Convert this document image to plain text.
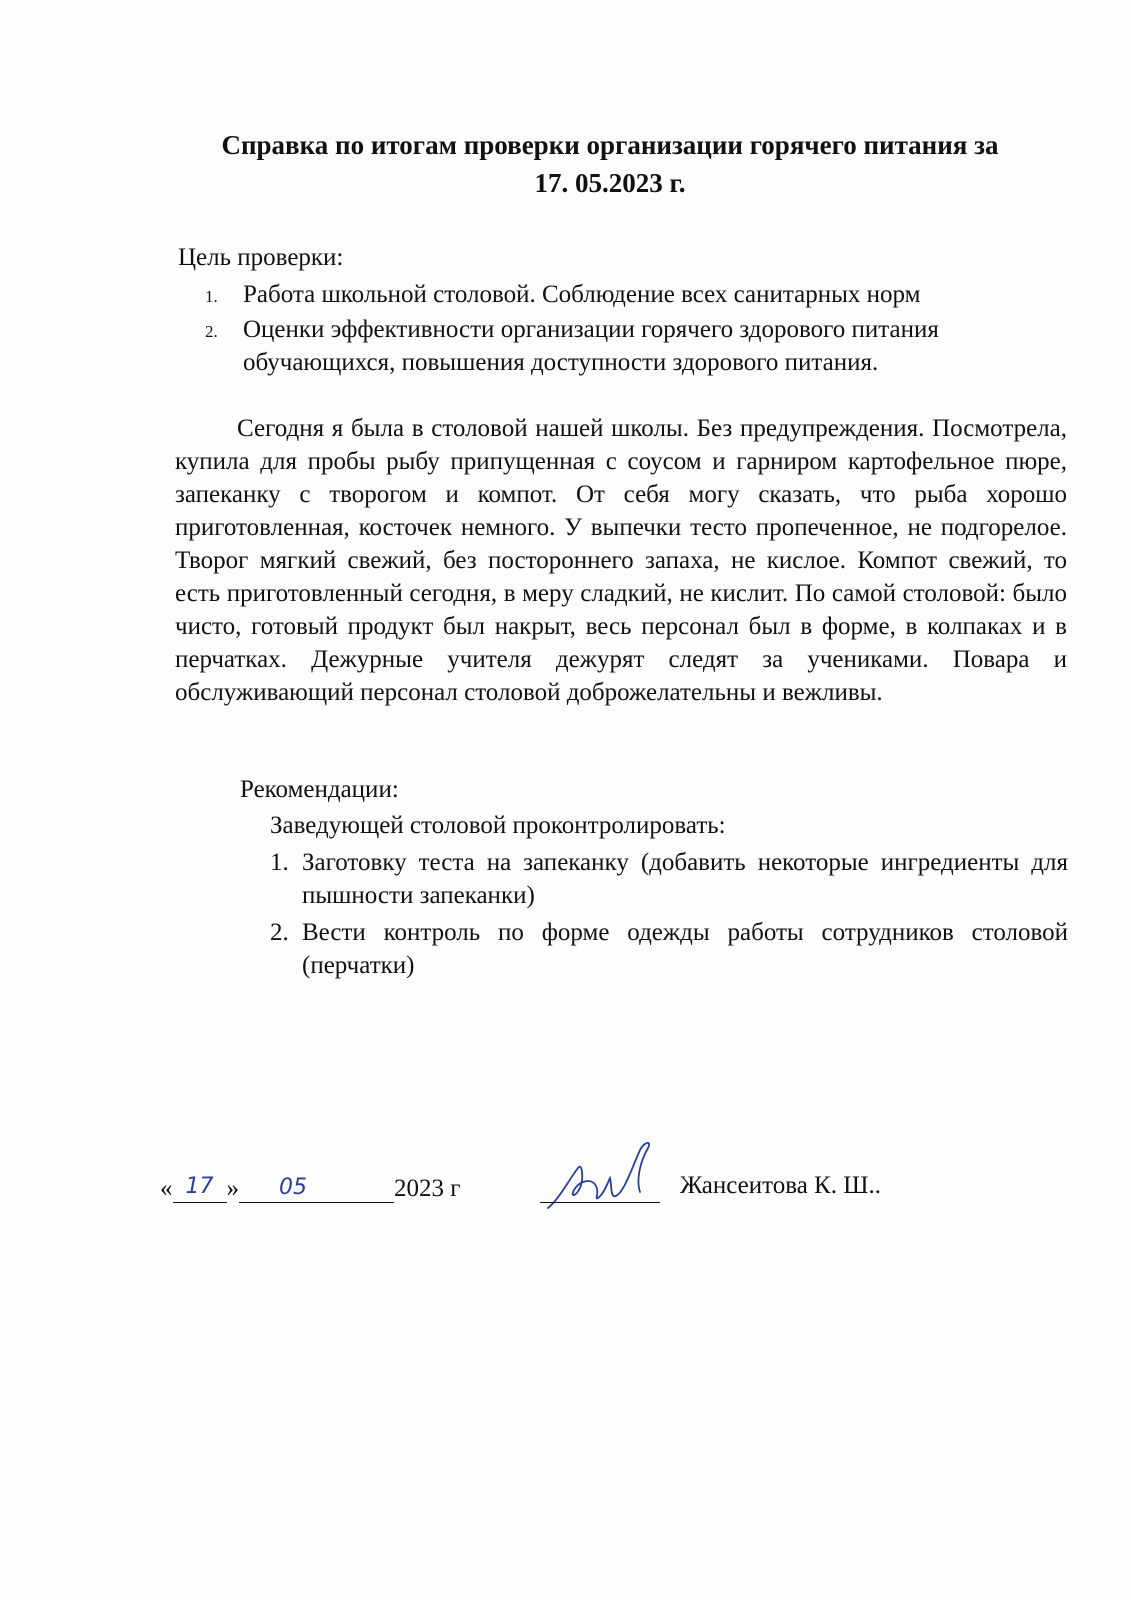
Справка по итогам проверки организации горячего питания за
17. 05.2023 г.
Цель проверки:
1. Работа школьной столовой. Соблюдение всех санитарных норм
2. Оценки эффективности организации горячего здорового питания обучающихся, повышения доступности здорового питания.
Сегодня я была в столовой нашей школы. Без предупреждения. Посмотрела, купила для пробы рыбу припущенная с соусом и гарниром картофельное пюре, запеканку с творогом и компот. От себя могу сказать, что рыба хорошо приготовленная, косточек немного. У выпечки тесто пропеченное, не подгорелое. Творог мягкий свежий, без постороннего запаха, не кислое. Компот свежий, то есть приготовленный сегодня, в меру сладкий, не кислит. По самой столовой: было чисто, готовый продукт был накрыт, весь персонал был в форме, в колпаках и в перчатках. Дежурные учителя дежурят следят за учениками. Повара и обслуживающий персонал столовой доброжелательны и вежливы.
Рекомендации:
Заведующей столовой проконтролировать:
1. Заготовку теста на запеканку (добавить некоторые ингредиенты для пышности запеканки)
2. Вести контроль по форме одежды работы сотрудников столовой (перчатки)
« 17 » 05	2023 г	Жансеитова К. Ш..
